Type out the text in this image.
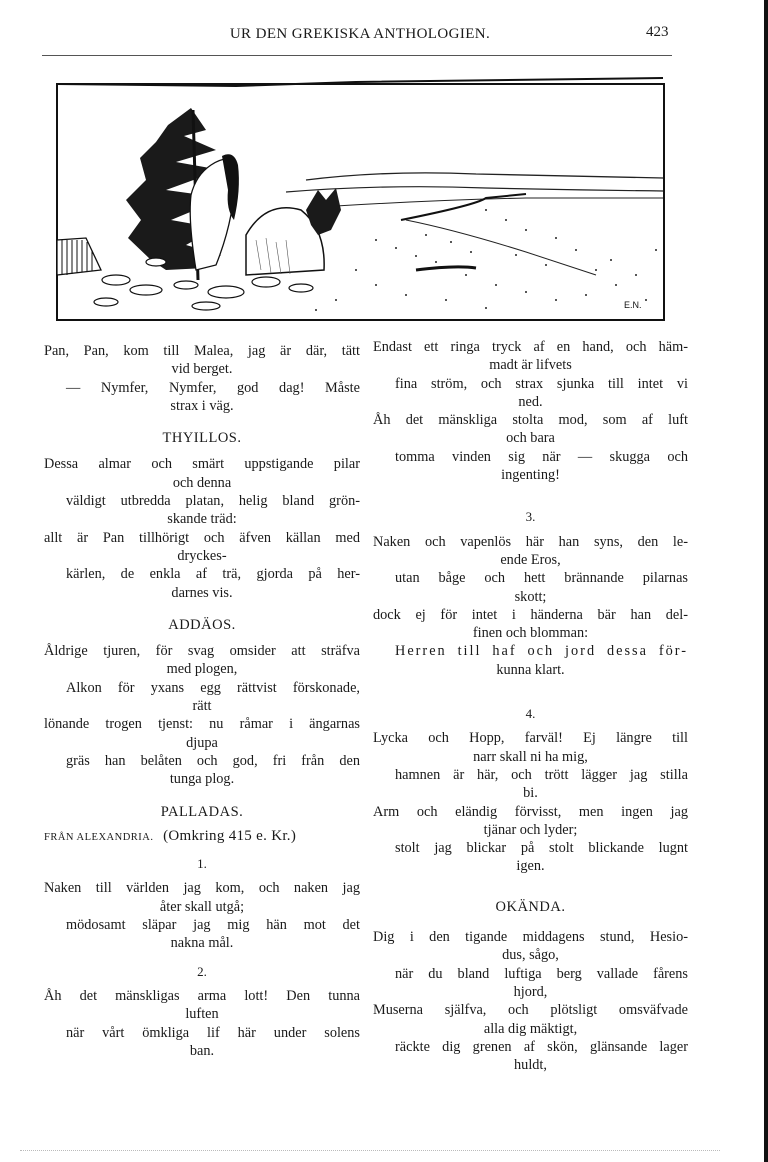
UR DEN GREKISKA ANTHOLOGIEN.	423
E.N.
Pan, Pan, kom till Malea, jag är där, tätt
vid berget.
— Nymfer, Nymfer, god dag! Måste
strax i väg.
THYILLOS.
Dessa almar och smärt uppstigande pilar
och denna
väldigt utbredda platan, helig bland grön-
skande träd:
allt är Pan tillhörigt och äfven källan med
dryckes-
kärlen, de enkla af trä, gjorda på her-
darnes vis.
ADDÄOS.
Åldrige tjuren, för svag omsider att sträfva
med plogen,
Alkon för yxans egg rättvist förskonade,
rätt
lönande trogen tjenst: nu råmar i ängarnas
djupa
gräs han belåten och god, fri från den
tunga plog.
PALLADAS.
FRÅN ALEXANDRIA. (Omkring 415 e. Kr.)
1.
Naken till världen jag kom, och naken jag
åter skall utgå;
mödosamt släpar jag mig hän mot det
nakna mål.
2.
Åh det mänskligas arma lott! Den tunna
luften
när vårt ömkliga lif här under solens
ban.
Endast ett ringa tryck af en hand, och häm-
madt är lifvets
fina ström, och strax sjunka till intet vi
ned.
Åh det mänskliga stolta mod, som af luft
och bara
tomma vinden sig när — skugga och
ingenting!
3.
Naken och vapenlös här han syns, den le-
ende Eros,
utan båge och hett brännande pilarnas
skott;
dock ej för intet i händerna bär han del-
finen och blomman:
Herren till haf och jord dessa för-
kunna klart.
4.
Lycka och Hopp, farväl! Ej längre till
narr skall ni ha mig,
hamnen är här, och trött lägger jag stilla
bi.
Arm och eländig förvisst, men ingen jag
tjänar och lyder;
stolt jag blickar på stolt blickande lugnt
igen.
OKÄNDA.
Dig i den tigande middagens stund, Hesio-
dus, sågo,
när du bland luftiga berg vallade fårens
hjord,
Muserna själfva, och plötsligt omsväfvade
alla dig mäktigt,
räckte dig grenen af skön, glänsande lager
huldt,
